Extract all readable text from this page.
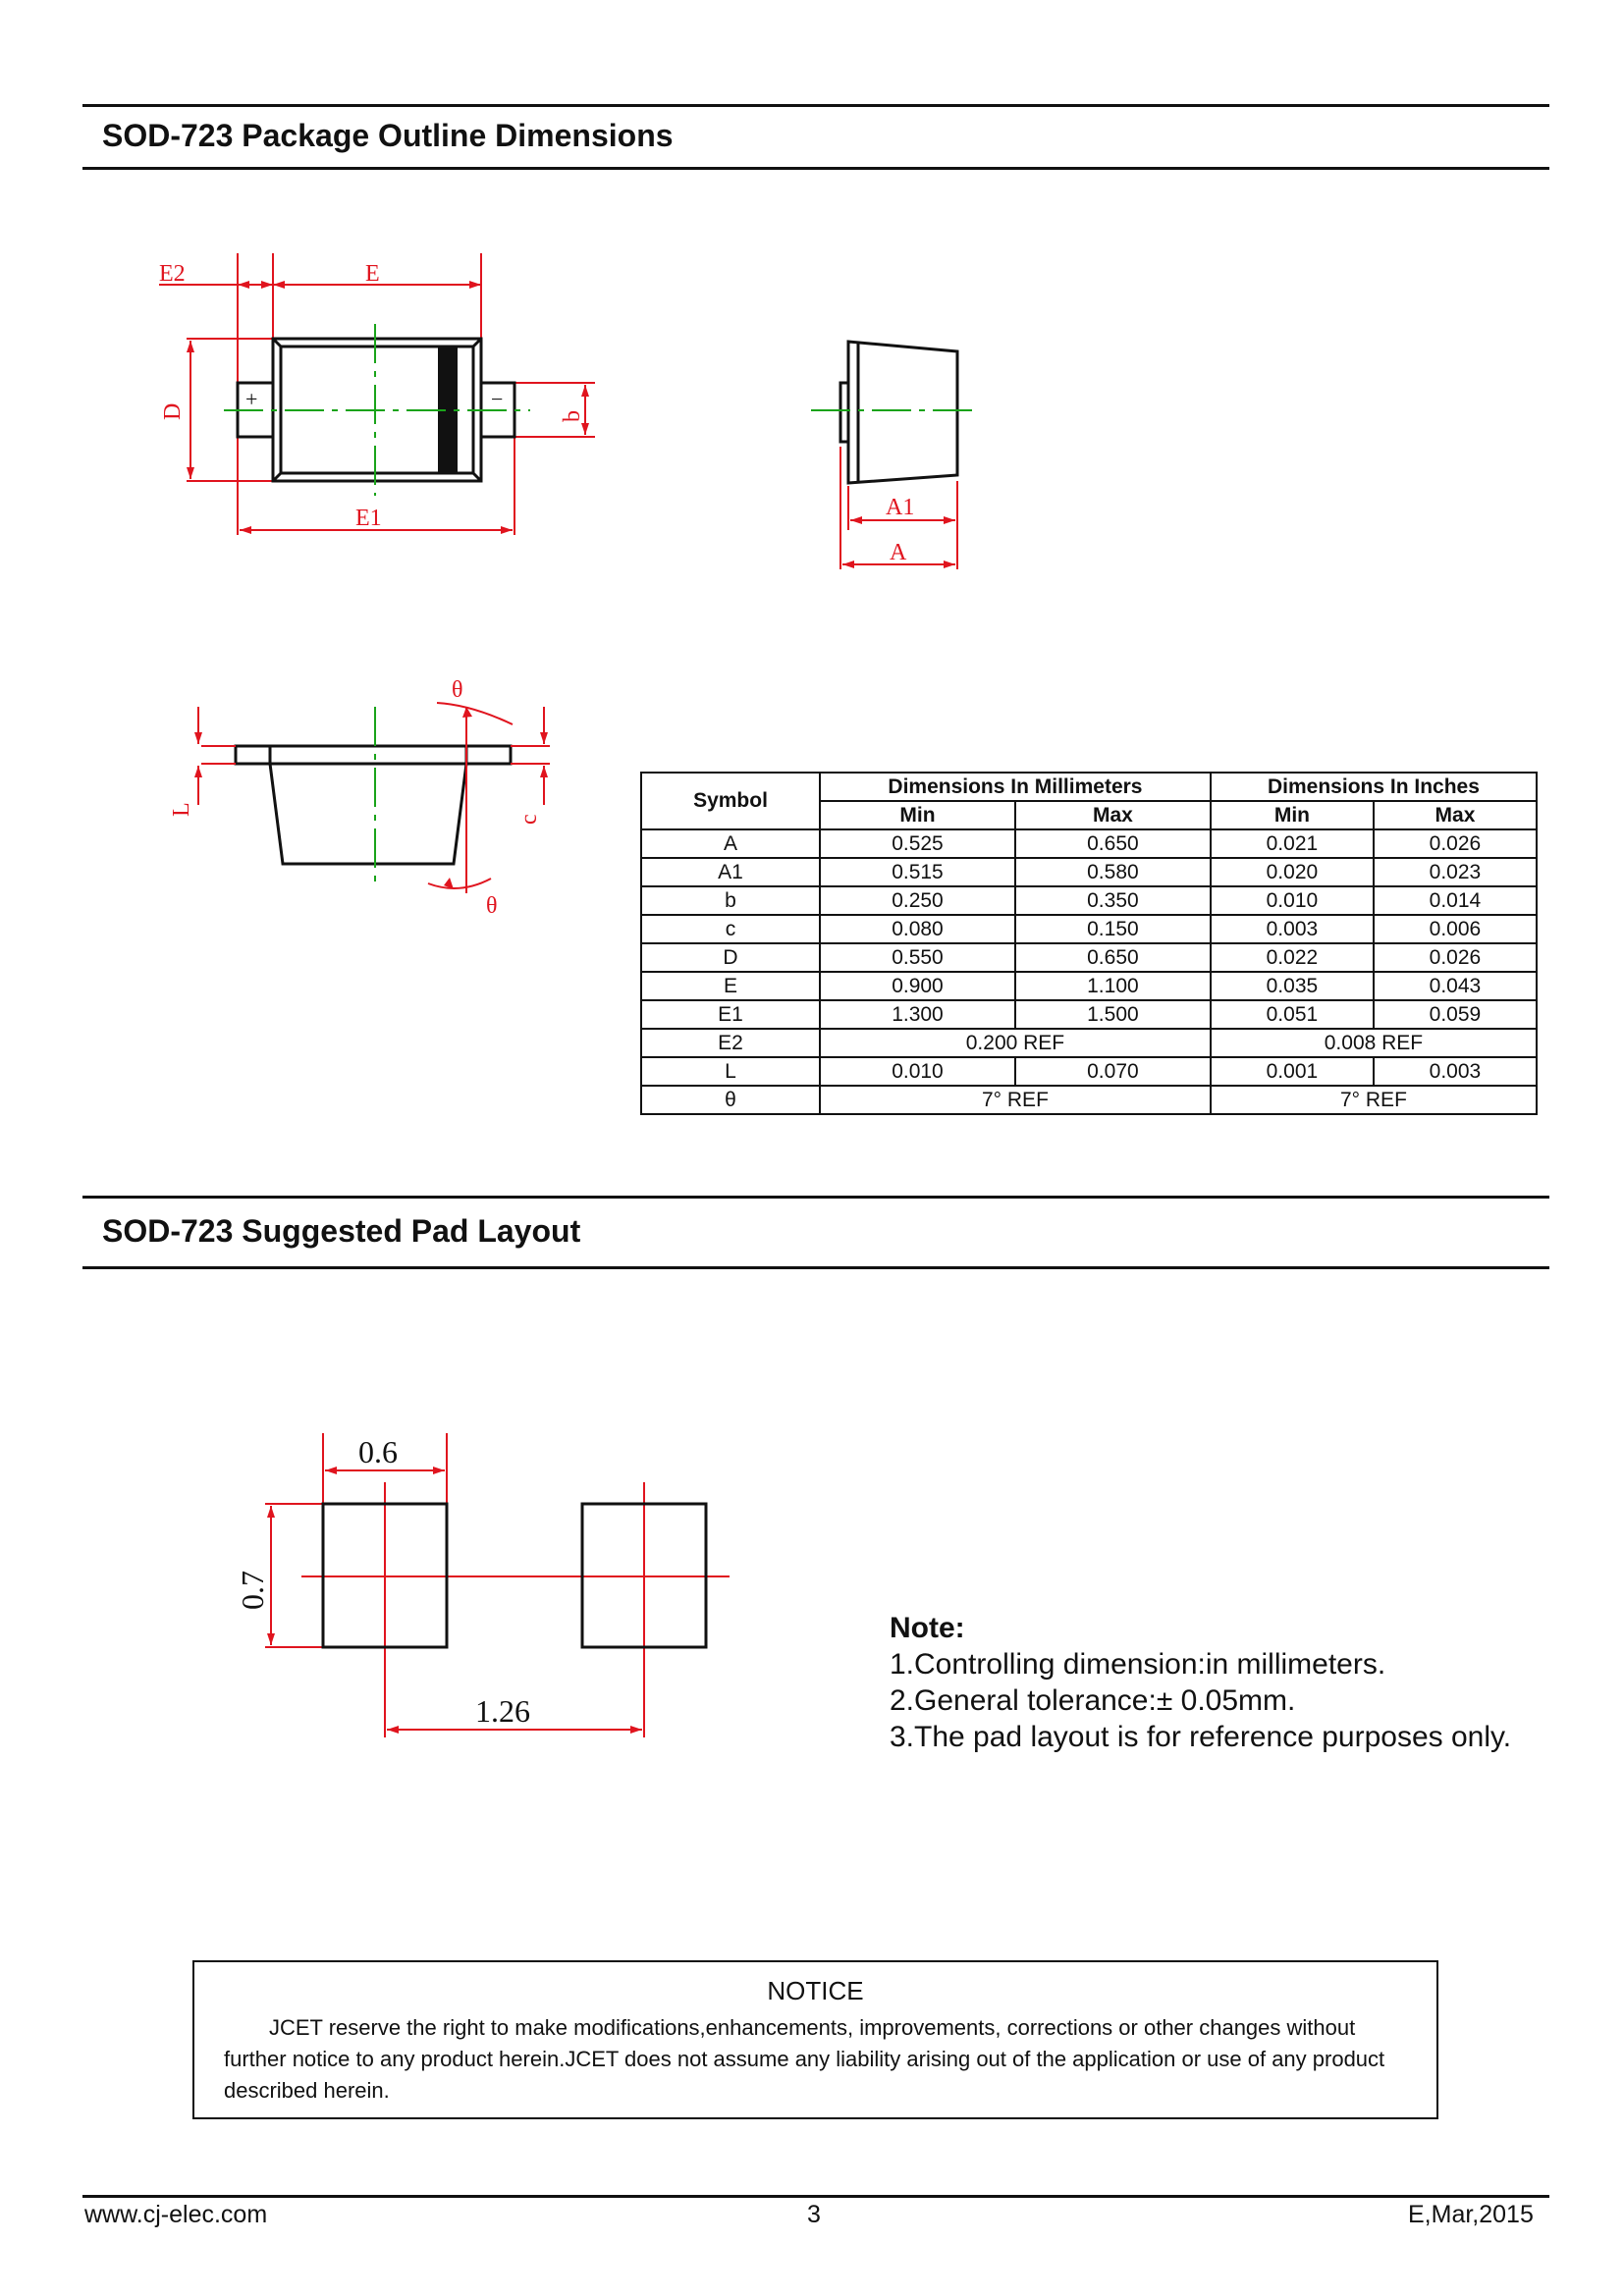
SOD-723 Package Outline Dimensions
E2	E
E1
D	b
+	−
A1
A
θ
θ
L
c
Symbol	Dimensions In Millimeters		Dimensions In Inches	
	Min	Max	Min	Max
A	0.525	0.650	0.021	0.026
A1	0.515	0.580	0.020	0.023
b	0.250	0.350	0.010	0.014
c	0.080	0.150	0.003	0.006
D	0.550	0.650	0.022	0.026
E	0.900	1.100	0.035	0.043
E1	1.300	1.500	0.051	0.059
E2	0.200 REF		0.008 REF	
L	0.010	0.070	0.001	0.003
θ	7° REF		7° REF	
SOD-723 Suggested Pad Layout
0.6
0.7
1.26
Note:
1.Controlling dimension:in millimeters.
2.General tolerance:± 0.05mm.
3.The pad layout is for reference purposes only.
NOTICE
JCET reserve the right to make modifications,enhancements, improvements, corrections or other changes without further notice to any product herein.JCET does not assume any liability arising out of the application or use of any product described herein.
www.cj-elec.com	3	E,Mar,2015
